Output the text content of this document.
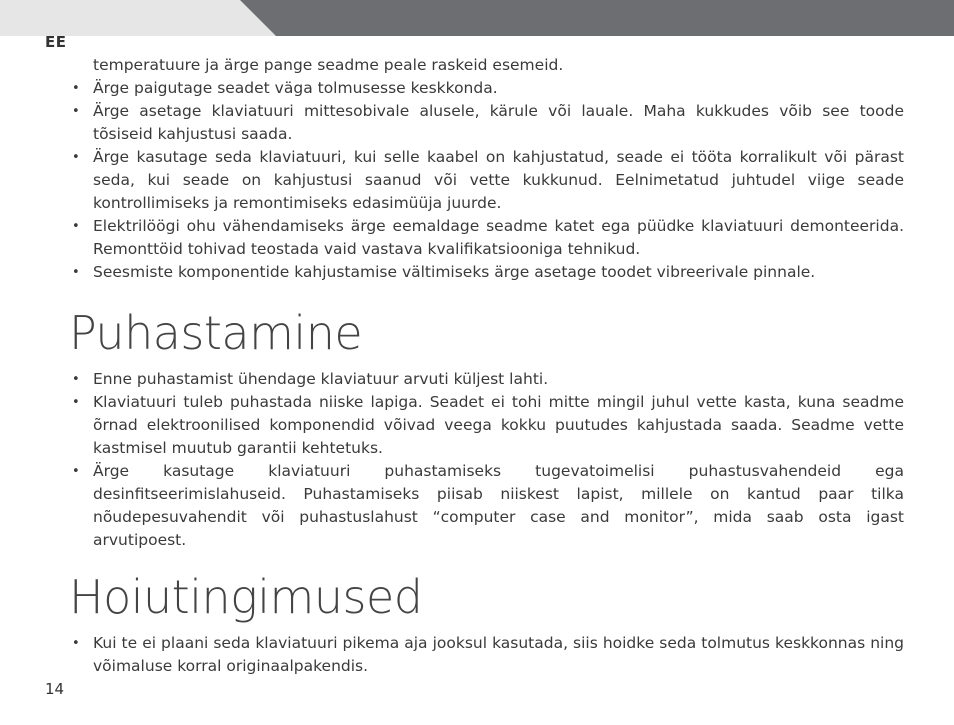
EE

temperatuure ja ärge pange seadme peale raskeid esemeid.

• Ärge paigutage seadet väga tolmusesse keskkonda.
• Ärge asetage klaviatuuri mittesobivale alusele, kärule või lauale. Maha kukkudes võib see toode tõsiseid kahjustusi saada.
• Ärge kasutage seda klaviatuuri, kui selle kaabel on kahjustatud, seade ei tööta korralikult või pärast seda, kui seade on kahjustusi saanud või vette kukkunud. Eelnimetatud juhtudel viige seade kontrollimiseks ja remontimiseks edasimüüja juurde.
• Elektrilöögi ohu vähendamiseks ärge eemaldage seadme katet ega püüdke klaviatuuri demonteerida. Remonttöid tohivad teostada vaid vastava kvalifikatsiooniga tehnikud.
• Seesmiste komponentide kahjustamise vältimiseks ärge asetage toodet vibreerivale pinnale.
Puhastamine
• Enne puhastamist ühendage klaviatuur arvuti küljest lahti.
• Klaviatuuri tuleb puhastada niiske lapiga. Seadet ei tohi mitte mingil juhul vette kasta, kuna seadme õrnad elektroonilised komponendid võivad veega kokku puutudes kahjustada saada. Seadme vette kastmisel muutub garantii kehtetuks.
• Ärge kasutage klaviatuuri puhastamiseks tugevatoimelisi puhastusvahendeid ega desinfitseerimislahuseid. Puhastamiseks piisab niiskest lapist, millele on kantud paar tilka nõudepesuvahendit või puhastuslahust “computer case and monitor”, mida saab osta igast arvutipoest.
Hoiutingimused
• Kui te ei plaani seda klaviatuuri pikema aja jooksul kasutada, siis hoidke seda tolmutus keskkonnas ning võimaluse korral originaalpakendis.
14
